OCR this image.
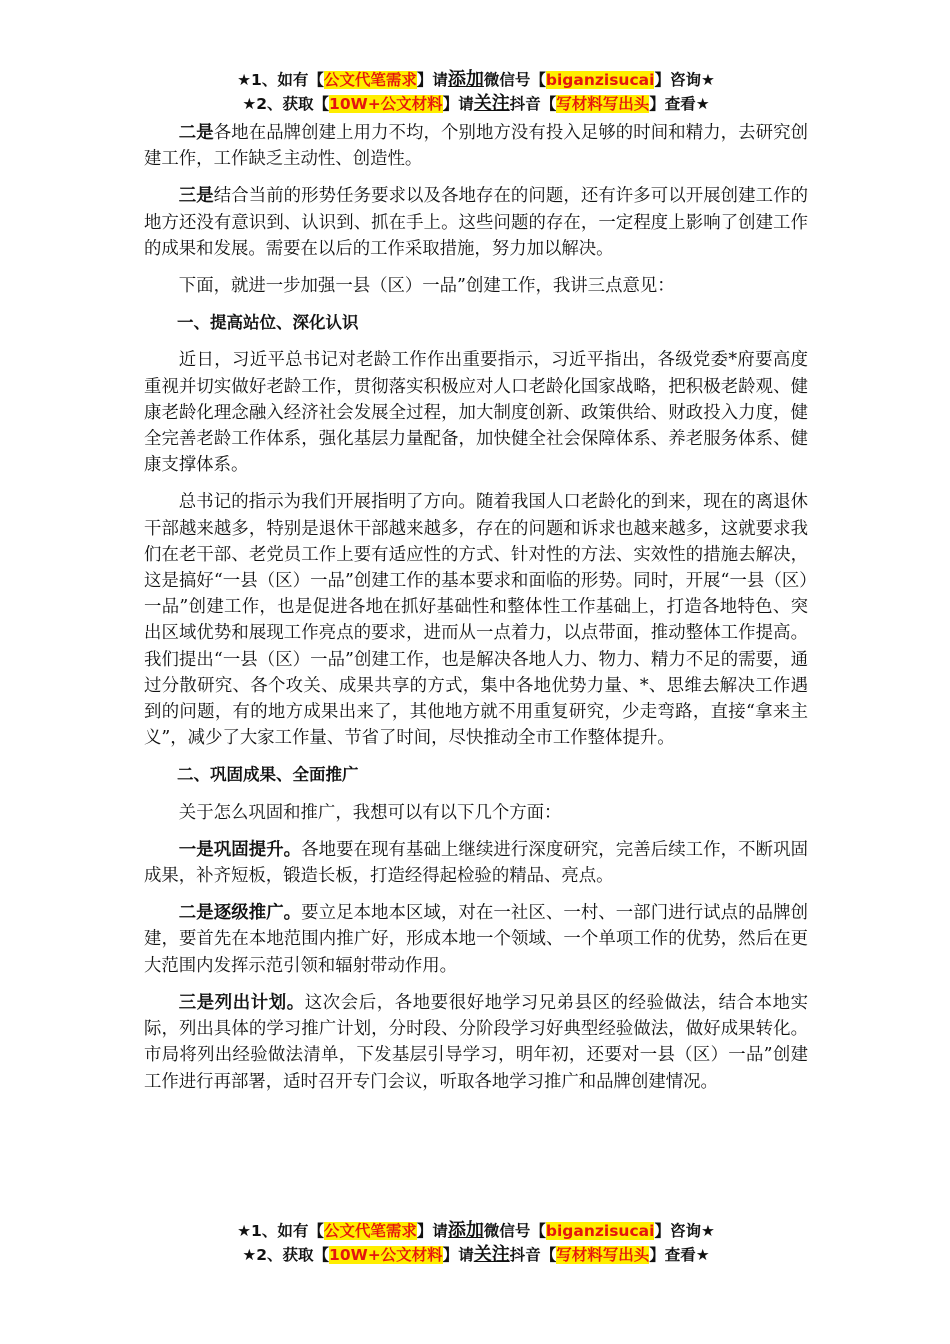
★1、如有【公文代笔需求】请添加微信号【biganzisucai】咨询★
★2、获取【10W+公文材料】请关注抖音【写材料写出头】查看★

二是各地在品牌创建上用力不均，个别地方没有投入足够的时间和精力，去研究创建工作，工作缺乏主动性、创造性。

三是结合当前的形势任务要求以及各地存在的问题，还有许多可以开展创建工作的地方还没有意识到、认识到、抓在手上。这些问题的存在，一定程度上影响了创建工作的成果和发展。需要在以后的工作采取措施，努力加以解决。

下面，就进一步加强一县（区）一品”创建工作，我讲三点意见：

一、提高站位、深化认识

近日，习近平总书记对老龄工作作出重要指示，习近平指出，各级党委*府要高度重视并切实做好老龄工作，贯彻落实积极应对人口老龄化国家战略，把积极老龄观、健康老龄化理念融入经济社会发展全过程，加大制度创新、政策供给、财政投入力度，健全完善老龄工作体系，强化基层力量配备，加快健全社会保障体系、养老服务体系、健康支撑体系。

总书记的指示为我们开展指明了方向。随着我国人口老龄化的到来，现在的离退休干部越来越多，特别是退休干部越来越多，存在的问题和诉求也越来越多，这就要求我们在老干部、老党员工作上要有适应性的方式、针对性的方法、实效性的措施去解决，这是搞好“一县（区）一品”创建工作的基本要求和面临的形势。同时，开展“一县（区）一品”创建工作，也是促进各地在抓好基础性和整体性工作基础上，打造各地特色、突出区域优势和展现工作亮点的要求，进而从一点着力，以点带面，推动整体工作提高。我们提出“一县（区）一品”创建工作，也是解决各地人力、物力、精力不足的需要，通过分散研究、各个攻关、成果共享的方式，集中各地优势力量、*、思维去解决工作遇到的问题，有的地方成果出来了，其他地方就不用重复研究，少走弯路，直接“拿来主义”，减少了大家工作量、节省了时间，尽快推动全市工作整体提升。

二、巩固成果、全面推广

关于怎么巩固和推广，我想可以有以下几个方面：

一是巩固提升。各地要在现有基础上继续进行深度研究，完善后续工作，不断巩固成果，补齐短板，锻造长板，打造经得起检验的精品、亮点。

二是逐级推广。要立足本地本区域，对在一社区、一村、一部门进行试点的品牌创建，要首先在本地范围内推广好，形成本地一个领域、一个单项工作的优势，然后在更大范围内发挥示范引领和辐射带动作用。

三是列出计划。这次会后，各地要很好地学习兄弟县区的经验做法，结合本地实际，列出具体的学习推广计划，分时段、分阶段学习好典型经验做法，做好成果转化。市局将列出经验做法清单，下发基层引导学习，明年初，还要对一县（区）一品”创建工作进行再部署，适时召开专门会议，听取各地学习推广和品牌创建情况。

★1、如有【公文代笔需求】请添加微信号【biganzisucai】咨询★
★2、获取【10W+公文材料】请关注抖音【写材料写出头】查看★
